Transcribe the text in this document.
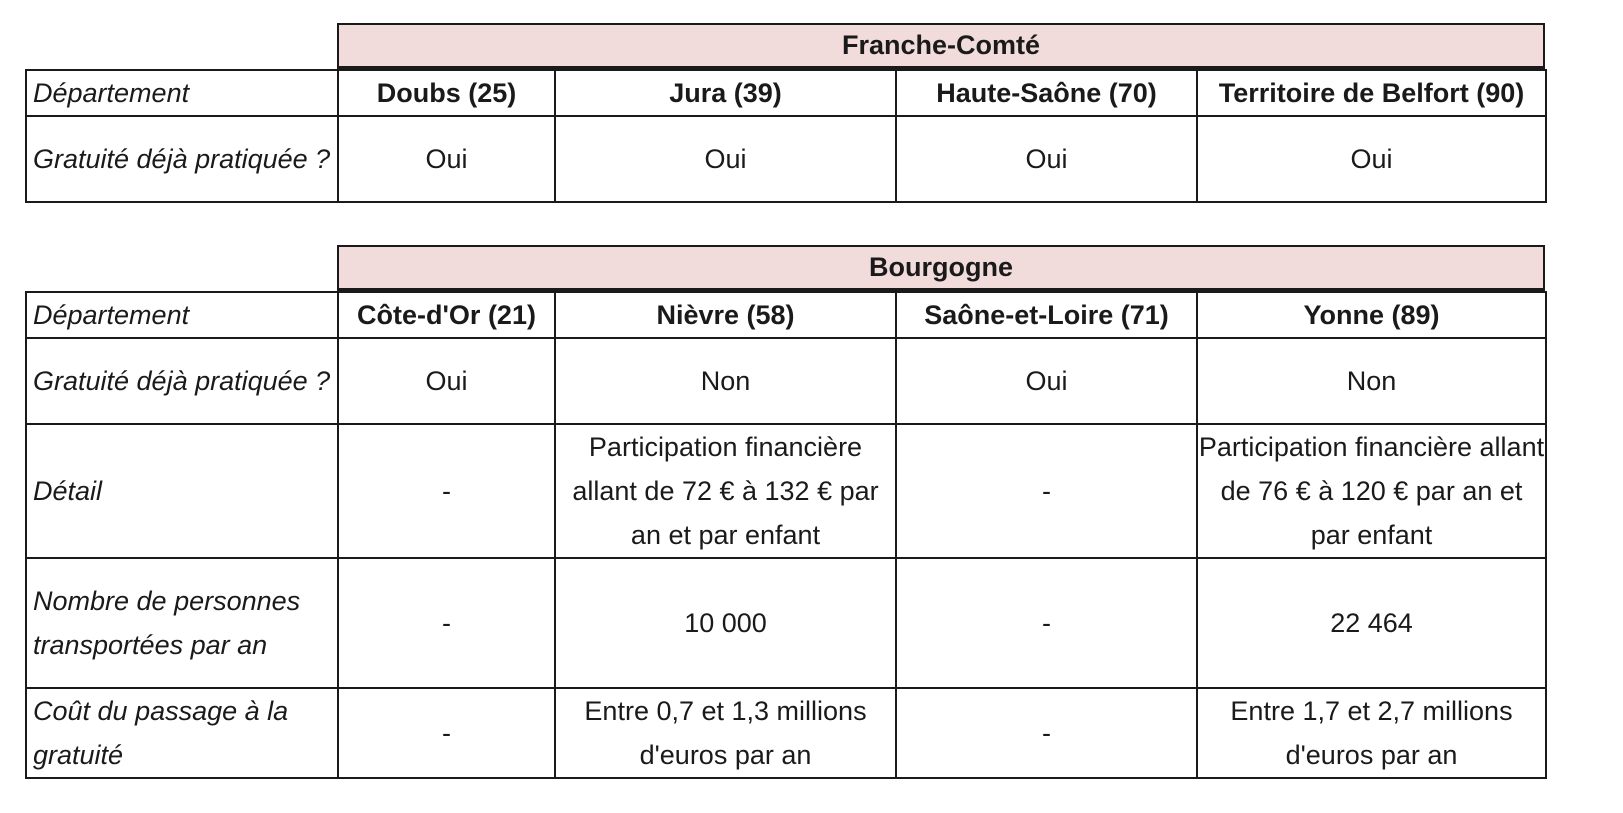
Franche-Comté
Département	Doubs (25)	Jura (39)	Haute-Saône (70)	Territoire de Belfort (90)
Gratuité déjà pratiquée ?	Oui	Oui	Oui	Oui
Bourgogne
Département	Côte-d'Or (21)	Nièvre (58)	Saône-et-Loire (71)	Yonne (89)
Gratuité déjà pratiquée ?	Oui	Non	Oui	Non
Détail	-	Participation financière allant de 72 € à 132 € par an et par enfant	-	Participation financière allant de 76 € à 120 € par an et par enfant
Nombre de personnes transportées par an	-	10 000	-	22 464
Coût du passage à la gratuité	-	Entre 0,7 et 1,3 millions d'euros par an	-	Entre 1,7 et 2,7 millions d'euros par an
